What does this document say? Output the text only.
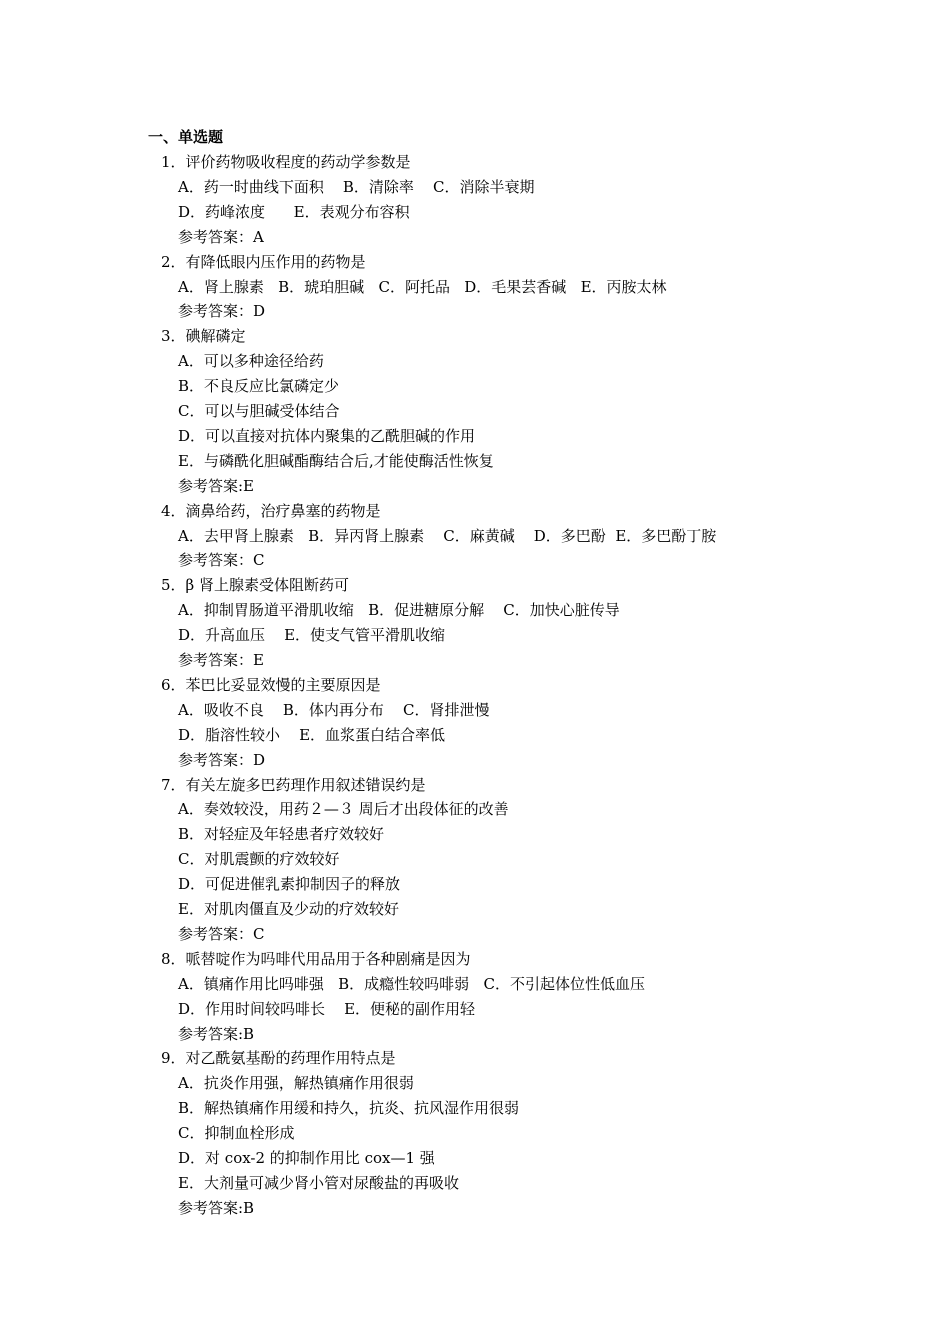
一、单选题
1．评价药物吸收程度的药动学参数是
A．药一时曲线下面积    B．清除率    C．消除半衰期
D．药峰浓度      E．表观分布容积
参考答案：A
2．有降低眼内压作用的药物是
A．肾上腺素   B．琥珀胆碱   C．阿托品   D．毛果芸香碱   E．丙胺太林
参考答案：D
3．碘解磷定
A．可以多种途径给药
B．不良反应比氯磷定少
C．可以与胆碱受体结合
D．可以直接对抗体内聚集的乙酰胆碱的作用
E．与磷酰化胆碱酯酶结合后,才能使酶活性恢复
参考答案:E
4．滴鼻给药，治疗鼻塞的药物是
A．去甲肾上腺素   B．异丙肾上腺素    C．麻黄碱    D．多巴酚  E．多巴酚丁胺
参考答案：C
5．β 肾上腺素受体阻断药可
A．抑制胃肠道平滑肌收缩   B．促进糖原分解    C．加快心脏传导
D．升高血压    E．使支气管平滑肌收缩
参考答案：E
6．苯巴比妥显效慢的主要原因是
A．吸收不良    B．体内再分布    C．肾排泄慢
D．脂溶性较小    E．血浆蛋白结合率低
参考答案：D
7．有关左旋多巴药理作用叙述错误约是
A．奏效较没，用药２—３ 周后才出段体征的改善
B．对轻症及年轻患者疗效较好
C．对肌震颤的疗效较好
D．可促进催乳素抑制因子的释放
E．对肌肉僵直及少动的疗效较好
参考答案：C
8．哌替啶作为吗啡代用品用于各种剧痛是因为
A．镇痛作用比吗啡强   B．成瘾性较吗啡弱   C．不引起体位性低血压
D．作用时间较吗啡长    E．便秘的副作用轻
参考答案:B
9．对乙酰氨基酚的药理作用特点是
A．抗炎作用强，解热镇痛作用很弱
B．解热镇痛作用缓和持久，抗炎、抗风湿作用很弱
C．抑制血栓形成
D．对 cox-2 的抑制作用比 cox—1 强
E．大剂量可减少肾小管对尿酸盐的再吸收
参考答案:B
